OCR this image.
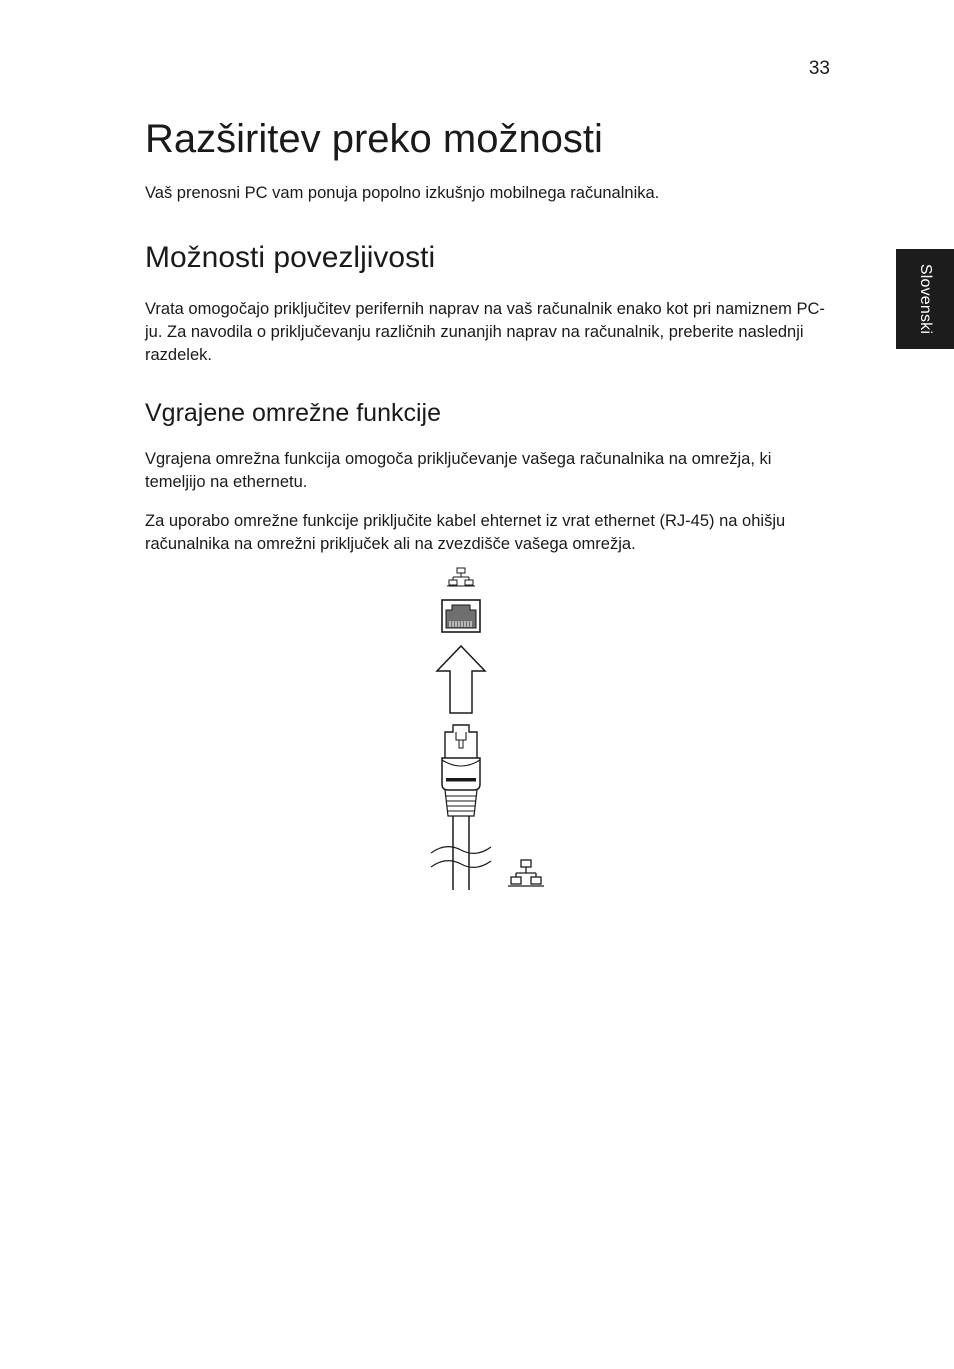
33
Slovenski
Razširitev preko možnosti

Vaš prenosni PC vam ponuja popolno izkušnjo mobilnega računalnika.

Možnosti povezljivosti

Vrata omogočajo priključitev perifernih naprav na vaš računalnik enako kot pri namiznem PC-ju. Za navodila o priključevanju različnih zunanjih naprav na računalnik, preberite naslednji razdelek.

Vgrajene omrežne funkcije

Vgrajena omrežna funkcija omogoča priključevanje vašega računalnika na omrežja, ki temeljijo na ethernetu.

Za uporabo omrežne funkcije priključite kabel ehternet iz vrat ethernet (RJ-45) na ohišju računalnika na omrežni priključek ali na zvezdišče vašega omrežja.
